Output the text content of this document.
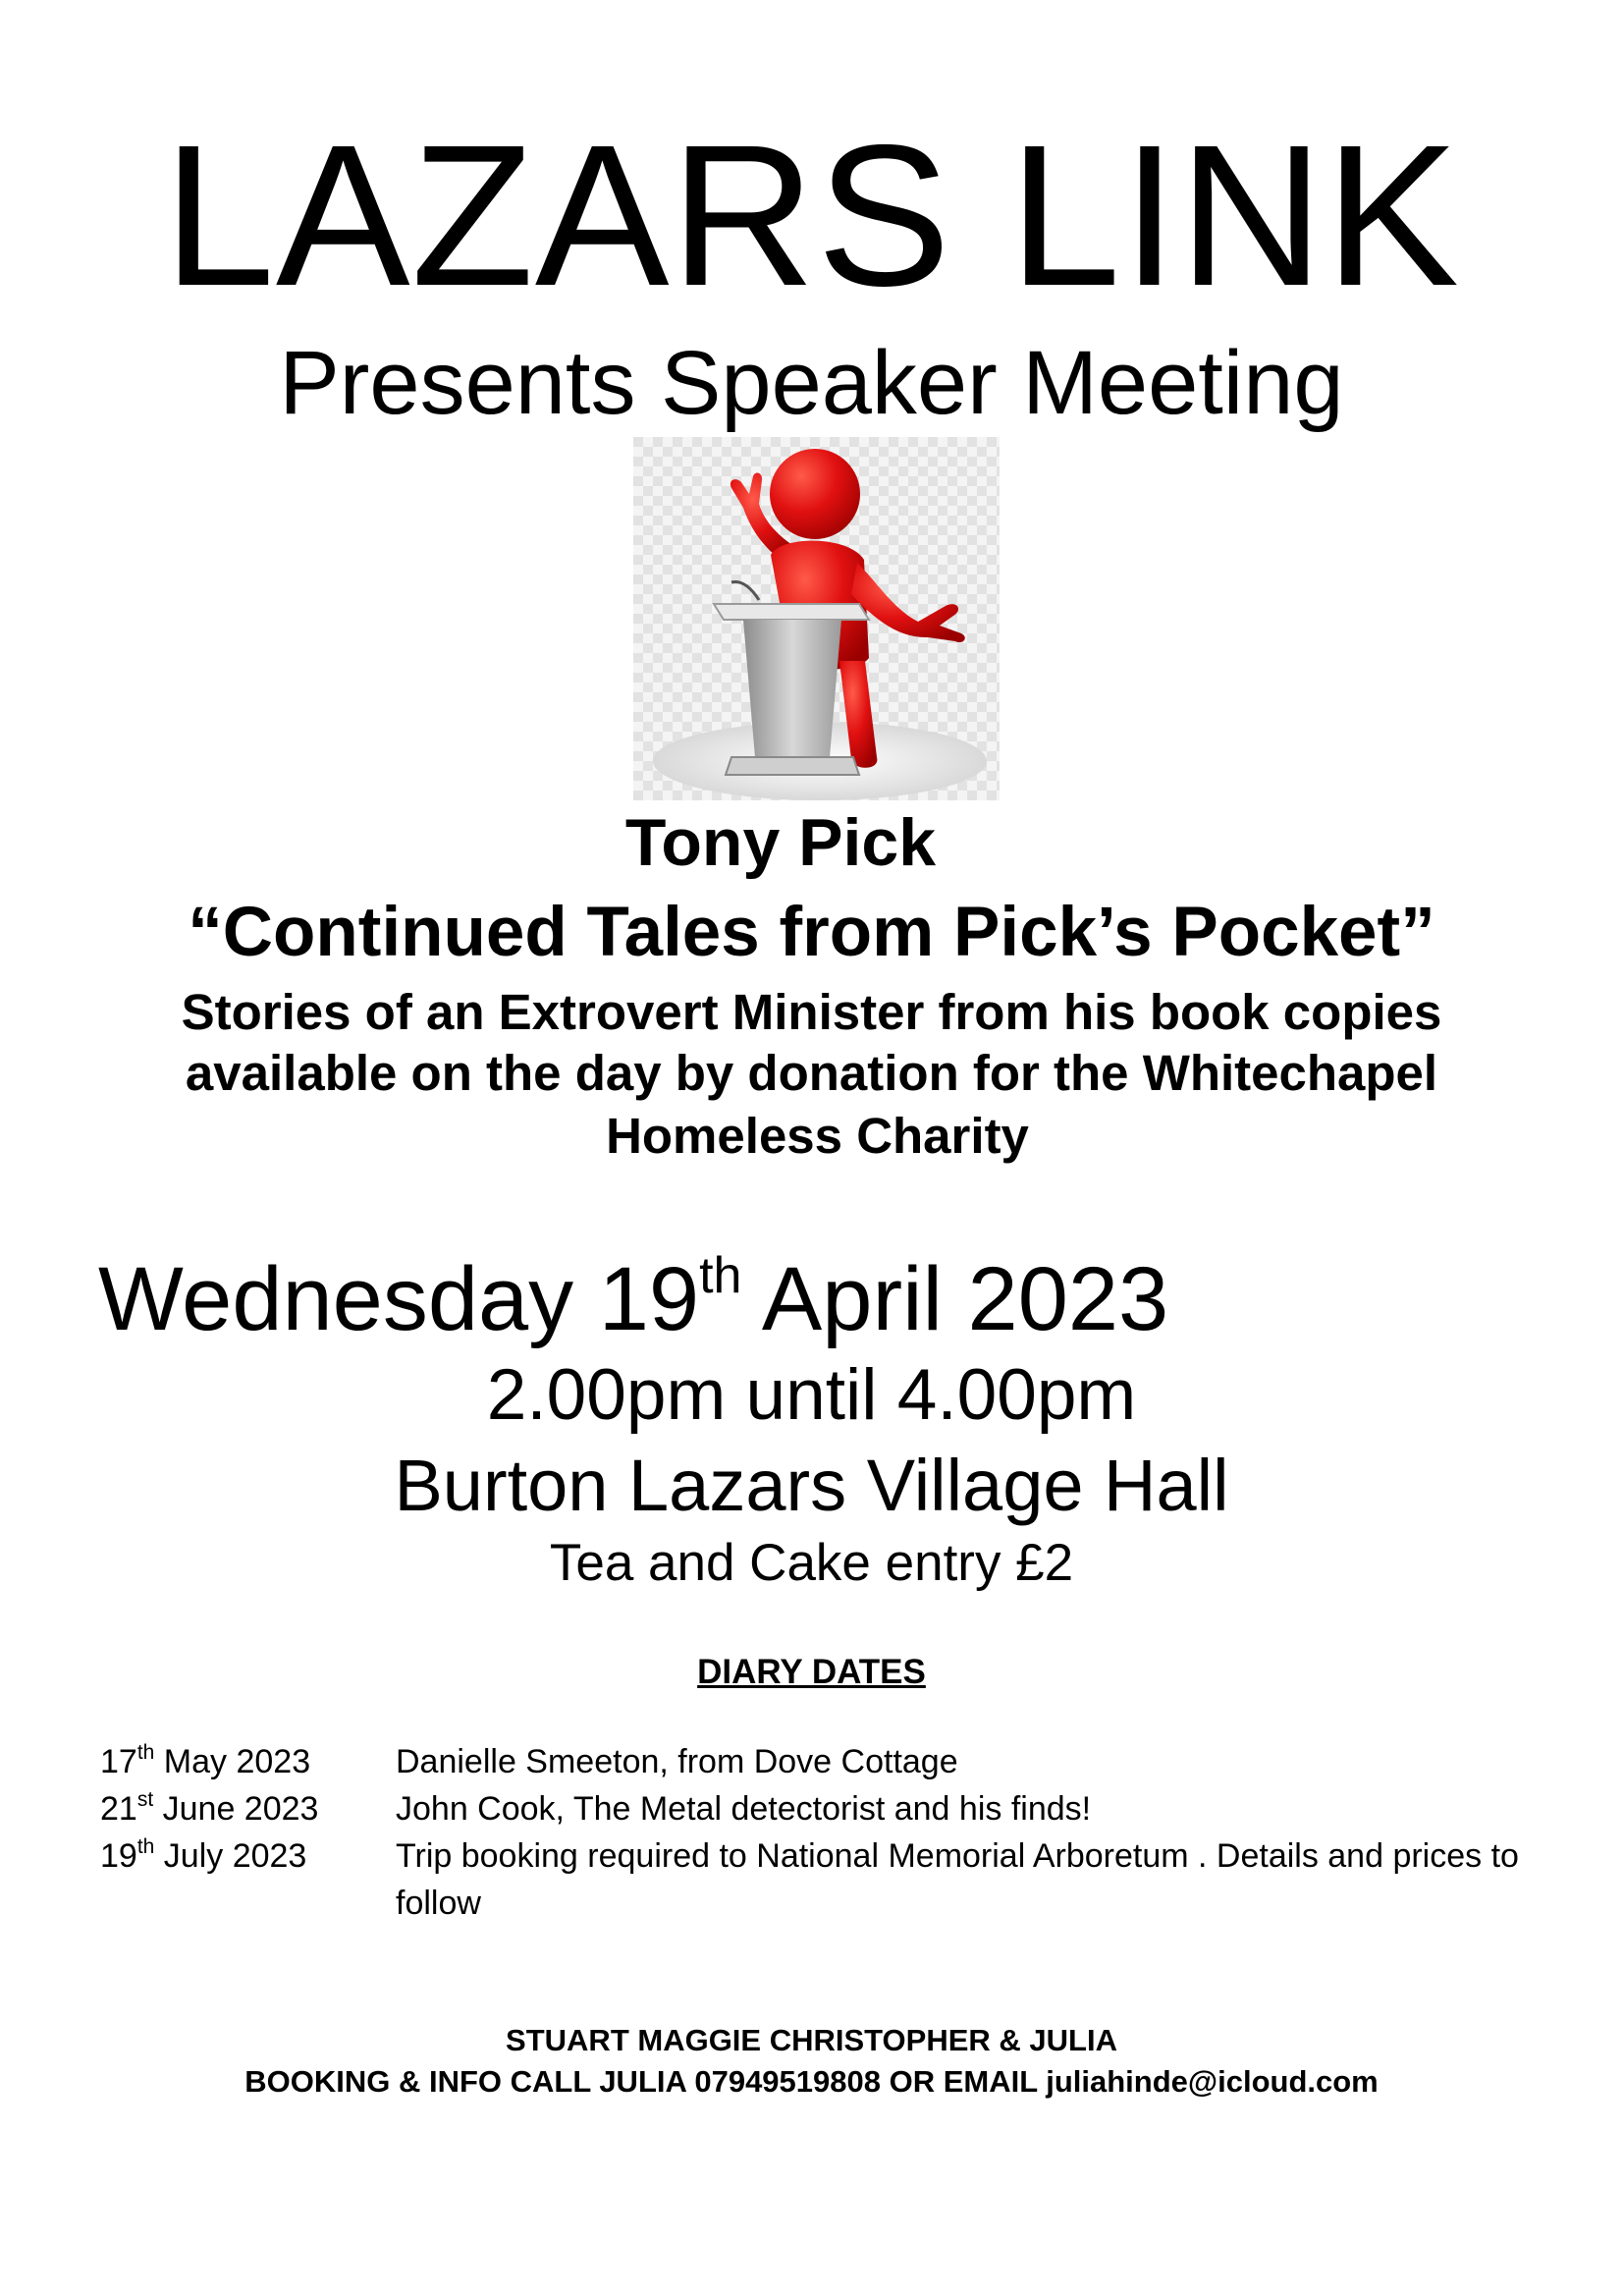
LAZARS LINK
Presents Speaker Meeting
Tony Pick
“Continued Tales from Pick’s Pocket”
Stories of an Extrovert Minister from his book copies
available on the day by donation for the Whitechapel
Homeless Charity
Wednesday 19th April 2023
2.00pm until 4.00pm
Burton Lazars Village Hall
Tea and Cake entry £2
DIARY DATES
17th May 2023	Danielle Smeeton, from Dove Cottage
21st June 2023 John Cook, The Metal detectorist and his finds!
19th July 2023	Trip booking required to National Memorial Arboretum . Details and prices to follow
STUART MAGGIE CHRISTOPHER & JULIA
BOOKING & INFO CALL JULIA 07949519808 OR EMAIL juliahinde@icloud.com
